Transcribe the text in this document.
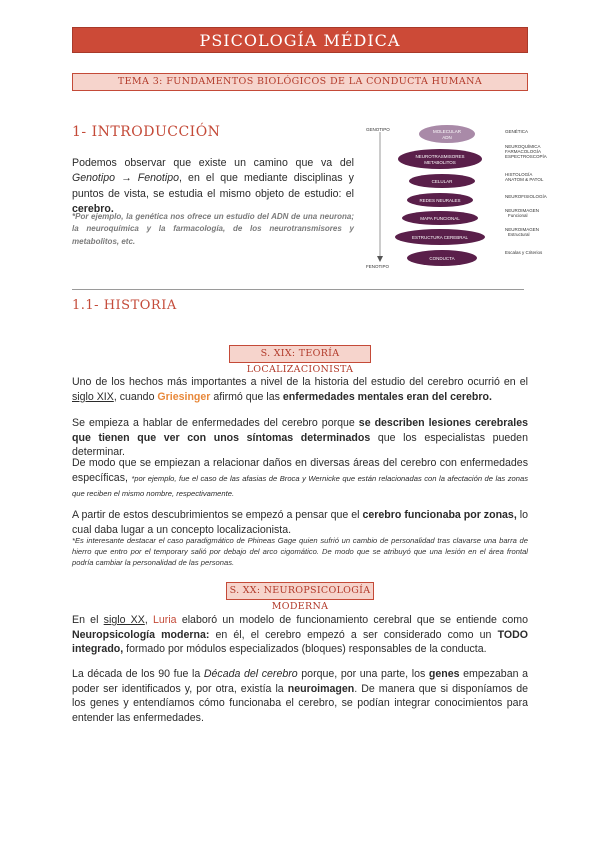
PSICOLOGÍA MÉDICA
TEMA 3: FUNDAMENTOS BIOLÓGICOS DE LA CONDUCTA HUMANA
1- INTRODUCCIÓN
Podemos observar que existe un camino que va del Genotipo → Fenotipo, en el que mediante disciplinas y puntos de vista, se estudia el mismo objeto de estudio: el cerebro.
*Por ejemplo, la genética nos ofrece un estudio del ADN de una neurona; la neuroquímica y la farmacología, de los neurotransmisores y metabolitos, etc.
GENOTIPO
FENOTIPO
MOLECULAR
ADN
NEUROTRASMISORES
METABOLITOS
CELULAR
REDES NEURALES
MAPA FUNCIONAL
ESTRUCTURA CEREBRAL
CONDUCTA
GENÉTICA
NEUROQUÍMICA
FARMACOLOGÍA
ESPECTROSCOPÍA
HISTOLOGÍA
ANATOM & PATOL
NEUROFISIOLOGÍA
NEUROIMAGEN
Funcional
NEUROIMAGEN
Estructural
Escalas y Criterios
1.1- HISTORIA
S. XIX: TEORÍA LOCALIZACIONISTA
Uno de los hechos más importantes a nivel de la historia del estudio del cerebro ocurrió en el siglo XIX, cuando Griesinger afirmó que las enfermedades mentales eran del cerebro.
Se empieza a hablar de enfermedades del cerebro porque se describen lesiones cerebrales que tienen que ver con unos síntomas determinados que los especialistas pueden determinar.
De modo que se empiezan a relacionar daños en diversas áreas del cerebro con enfermedades específicas, *por ejemplo, fue el caso de las afasias de Broca y Wernicke que están relacionadas con la afectación de las zonas que reciben el mismo nombre, respectivamente.
A partir de estos descubrimientos se empezó a pensar que el cerebro funcionaba por zonas, lo cual daba lugar a un concepto localizacionista.
*Es interesante destacar el caso paradigmático de Phineas Gage quien sufrió un cambio de personalidad tras clavarse una barra de hierro que entro por el temporary salió por debajo del arco cigomático. De modo que se atribuyó que una lesión en el área frontal podría cambiar la personalidad de las personas.
S. XX: NEUROPSICOLOGÍA MODERNA
En el siglo XX, Luria elaboró un modelo de funcionamiento cerebral que se entiende como Neuropsicología moderna: en él, el cerebro empezó a ser considerado como un TODO integrado, formado por módulos especializados (bloques) responsables de la conducta.
La década de los 90 fue la Década del cerebro porque, por una parte, los genes empezaban a poder ser identificados y, por otra, existía la neuroimagen. De manera que si disponíamos de los genes y entendíamos cómo funcionaba el cerebro, se podían integrar conocimientos para entender las enfermedades.
